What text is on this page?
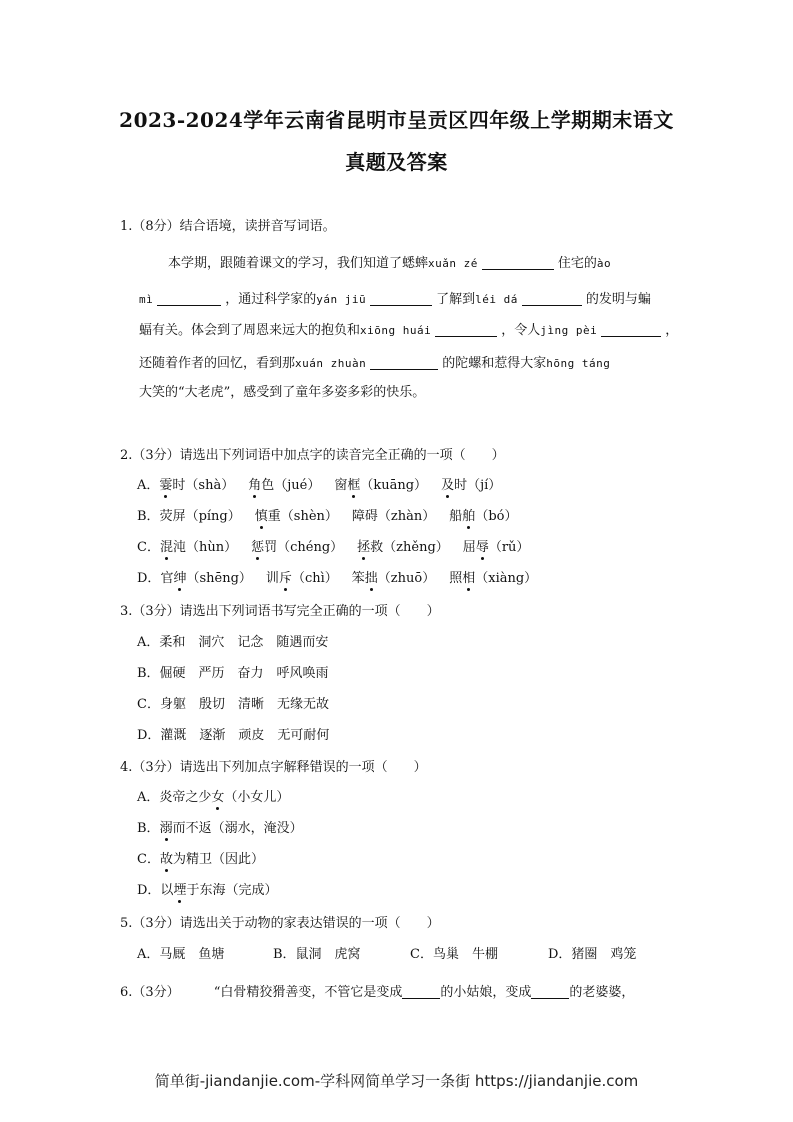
2023-2024学年云南省昆明市呈贡区四年级上学期期末语文
真题及答案
1.（8分）结合语境，读拼音写词语。
本学期，跟随着课文的学习，我们知道了蟋蟀xuǎn zé	住宅的ào
mì	，通过科学家的yán jiū	了解到léi dá	的发明与蝙
蝠有关。体会到了周恩来远大的抱负和xiōng huái	，令人jìng pèi	，
还随着作者的回忆，看到那xuán zhuàn	的陀螺和惹得大家hōng táng
大笑的“大老虎”，感受到了童年多姿多彩的快乐。
2.（3分）请选出下列词语中加点字的读音完全正确的一项（　　）
A．霎时（shà） 角色（jué） 窗框（kuāng） 及时（jí）
B．荧屏（píng） 慎重（shèn） 障碍（zhàn） 船舶（bó）
C．混沌（hùn） 惩罚（chéng） 拯救（zhěng） 屈辱（rǔ）
D．官绅（shēng） 训斥（chì） 笨拙（zhuō） 照相（xiàng）
3.（3分）请选出下列词语书写完全正确的一项（　　）
A．柔和　洞穴　记念　随遇而安
B．倔硬　严历　奋力　呼风唤雨
C．身躯　殷切　清晰　无缘无故
D．灌溉　逐渐　顽皮　无可耐何
4.（3分）请选出下列加点字解释错误的一项（　　）
A．炎帝之少女（小女儿）
B．溺而不返（溺水，淹没）
C．故为精卫（因此）
D．以堙于东海（完成）
5.（3分）请选出关于动物的家表达错误的一项（　　）
A．马厩　鱼塘	B．鼠洞　虎窝	C．鸟巢　牛棚	D．猪圈　鸡笼
6.（3分）	“白骨精狡猾善变，不管它是变成	的小姑娘，变成	的老婆婆，
简单街-jiandanjie.com-学科网简单学习一条街 https://jiandanjie.com
